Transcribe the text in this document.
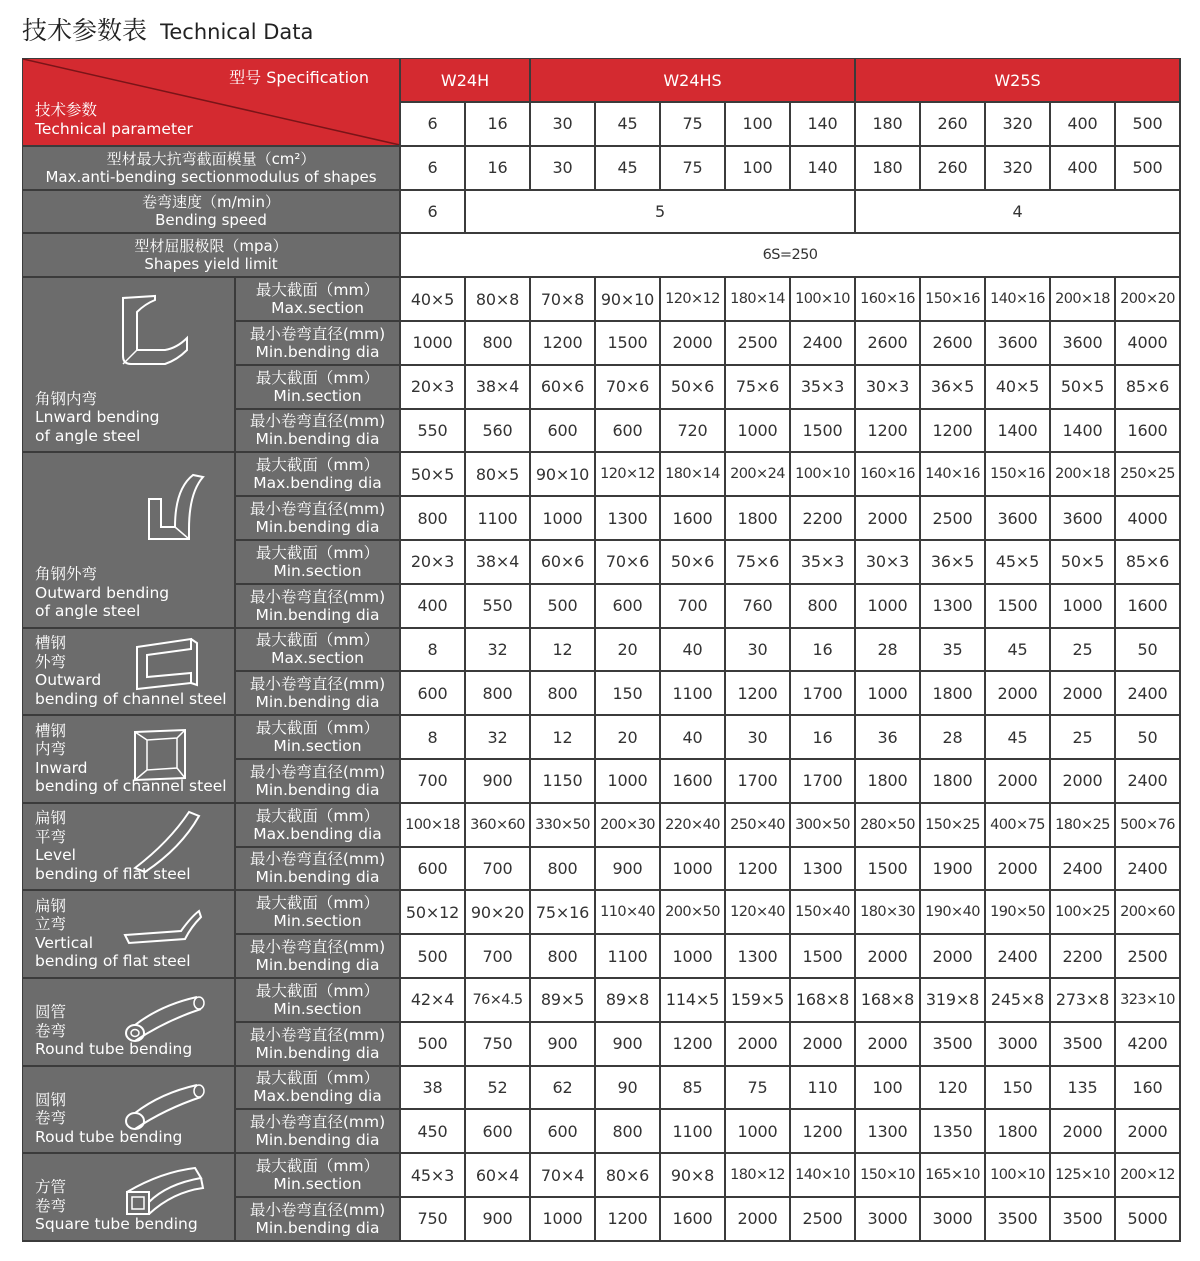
技术参数表 Technical Data
型号 Specification
技术参数
Technical parameter
W24H	W24HS	W25S
6	16	30	45	75	100	140	180	260	320	400	500
型材最大抗弯截面模量（cm²）
Max.anti-bending sectionmodulus of shapes	6	16	30	45	75	100	140	180	260	320	400	500
卷弯速度（m/min）
Bending speed	6	5	4
型材屈服极限（mpa）
Shapes yield limit	6S=250
角钢内弯
Lnward bending
of angle steel
最大截面（mm）
Max.section	40×5	80×8	70×8	90×10 120×12 180×14 100×10 160×16 150×16 140×16 200×18 200×20
最小卷弯直径(mm)
Min.bending dia	1000	800	1200	1500	2000	2500	2400	2600	2600	3600	3600	4000
最大截面（mm）
Min.section	20×3	38×4	60×6	70×6	50×6	75×6	35×3	30×3	36×5	40×5	50×5	85×6
最小卷弯直径(mm)
Min.bending dia	550	560	600	600	720	1000	1500	1200	1200	1400	1400	1600
角钢外弯
Outward bending
of angle steel
最大截面（mm）
Max.bending dia	50×5	80×5	90×10 120×12 180×14 200×24 100×10 160×16 140×16 150×16 200×18 250×25
最小卷弯直径(mm)
Min.bending dia	800	1100	1000	1300	1600	1800	2200	2000	2500	3600	3600	4000
最大截面（mm）
Min.section	20×3	38×4	60×6	70×6	50×6	75×6	35×3	30×3	36×5	45×5	50×5	85×6
最小卷弯直径(mm)
Min.bending dia	400	550	500	600	700	760	800	1000	1300	1500	1000	1600
槽钢
外弯
Outward
bending of channel steel
最大截面（mm）
Max.section	8	32	12	20	40	30	16	28	35	45	25	50
最小卷弯直径(mm)
Min.bending dia	600	800	800	150	1100	1200	1700	1000	1800	2000	2000	2400
槽钢
内弯
Inward
bending of channel steel
最大截面（mm）
Min.section	8	32	12	20	40	30	16	36	28	45	25	50
最小卷弯直径(mm)
Min.bending dia	700	900	1150	1000	1600	1700	1700	1800	1800	2000	2000	2400
扁钢
平弯
Level
bending of flat steel
最大截面（mm）
Max.bending dia 100×18 360×60 330×50 200×30 220×40 250×40 300×50 280×50 150×25 400×75 180×25 500×76
最小卷弯直径(mm)
Min.bending dia	600	700	800	900	1000	1200	1300	1500	1900	2000	2400	2400
扁钢
立弯
Vertical
bending of flat steel
最大截面（mm）
Min.section	50×12 90×20 75×16 110×40 200×50 120×40 150×40 180×30 190×40 190×50 100×25 200×60
最小卷弯直径(mm)
Min.bending dia	500	700	800	1100	1000	1300	1500	2000	2000	2400	2200	2500
圆管
卷弯
Round tube bending
最大截面（mm）
Min.section	42×4	76×4.5	89×5	89×8	114×5 159×5 168×8 168×8 319×8 245×8 273×8 323×10
最小卷弯直径(mm)
Min.bending dia	500	750	900	900	1200	2000	2000	2000	3500	3000	3500	4200
圆钢
卷弯
Roud tube bending
最大截面（mm）
Max.bending dia	38	52	62	90	85	75	110	100	120	150	135	160
最小卷弯直径(mm)
Min.bending dia	450	600	600	800	1100	1000	1200	1300	1350	1800	2000	2000
方管
卷弯
Square tube bending
最大截面（mm）
Min.section	45×3	60×4	70×4	80×6	90×8	180×12 140×10 150×10 165×10 100×10 125×10 200×12
最小卷弯直径(mm)
Min.bending dia	750	900	1000	1200	1600	2000	2500	3000	3000	3500	3500	5000
